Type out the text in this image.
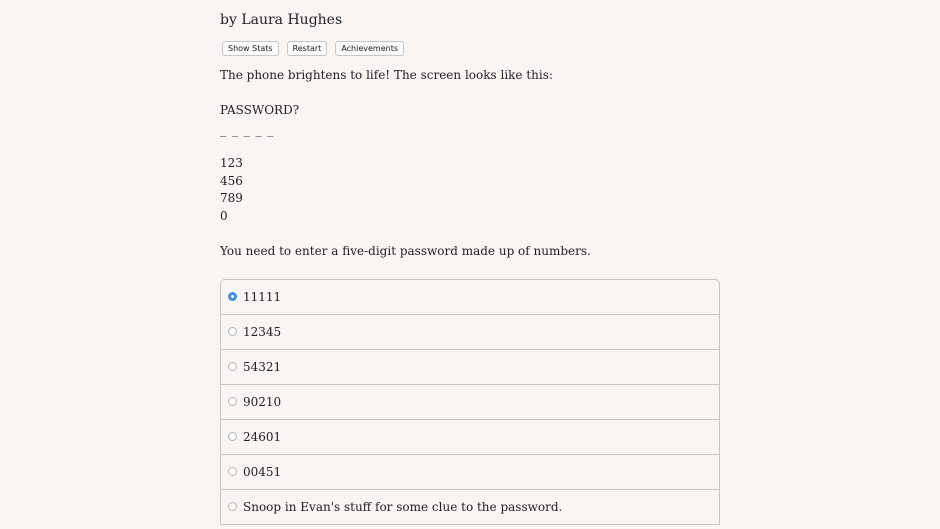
by Laura Hughes
Show Stats	Restart	Achievements
The phone brightens to life! The screen looks like this:
PASSWORD?
_ _ _ _ _
123
456
789
0
You need to enter a five-digit password made up of numbers.
11111
12345
54321
90210
24601
00451
Snoop in Evan's stuff for some clue to the password.
